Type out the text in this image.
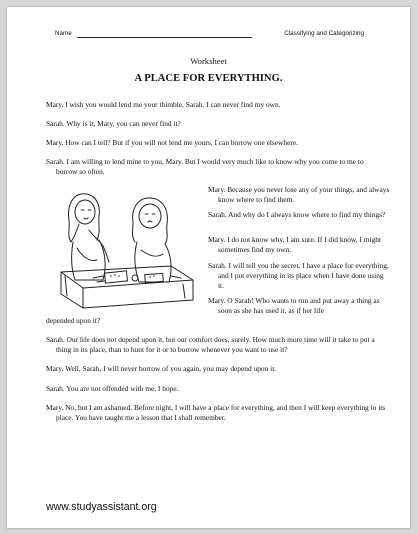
Name	Classifying and Categorizing
Worksheet
A PLACE FOR EVERYTHING.

Mary. I wish you would lend me your thimble, Sarah. I can never find my own.

Sarah. Why is it, Mary, you can never find it?

Mary. How can I tell? But if you will not lend me yours, I can borrow one elsewhere.

Sarah. I am willing to lend mine to you, Mary. But I would very much like to know why you come to me to borrow so often.

Mary. Because you never lose any of your things, and always know where to find them.

Sarah. And why do I always know where to find my things?

Mary. I do not know why, I am sure. If I did know, I might sometimes find my own.

Sarah. I will tell you the secret. I have a place for everything, and I put everything in its place when I have done using it.

Mary. O Sarah! Who wants to run and put away a thing as soon as she has used it, as if her life

depended upon it?

Sarah. Our life does not depend upon it, but our comfort does, surely. How much more time will it take to put a thing in its place, than to hunt for it or to borrow whenever you want to use it?

Mary. Well, Sarah, I will never borrow of you again, you may depend upon it.

Sarah. You are not offended with me, I hope.

Mary. No, but I am ashamed. Before night, I will have a place for everything, and then I will keep everything in its place. You have taught me a lesson that I shall remember.

www.studyassistant.org
